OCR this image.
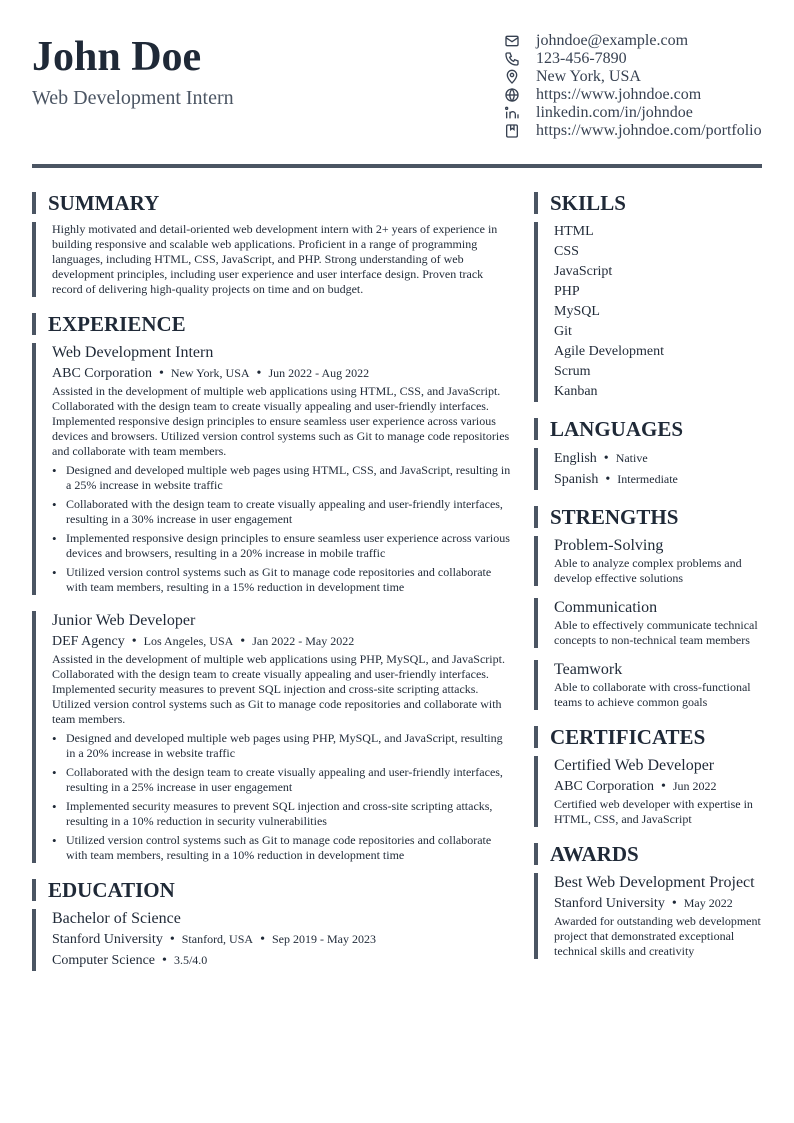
John Doe
Web Development Intern
johndoe@example.com
123-456-7890
New York, USA
https://www.johndoe.com
linkedin.com/in/johndoe
https://www.johndoe.com/portfolio
SUMMARY
Highly motivated and detail-oriented web development intern with 2+ years of experience in building responsive and scalable web applications. Proficient in a range of programming languages, including HTML, CSS, JavaScript, and PHP. Strong understanding of web development principles, including user experience and user interface design. Proven track record of delivering high-quality projects on time and on budget.
EXPERIENCE
Web Development Intern
ABC Corporation • New York, USA • Jun 2022 - Aug 2022
Assisted in the development of multiple web applications using HTML, CSS, and JavaScript. Collaborated with the design team to create visually appealing and user-friendly interfaces. Implemented responsive design principles to ensure seamless user experience across various devices and browsers. Utilized version control systems such as Git to manage code repositories and collaborate with team members.
• Designed and developed multiple web pages using HTML, CSS, and JavaScript, resulting in a 25% increase in website traffic
• Collaborated with the design team to create visually appealing and user-friendly interfaces, resulting in a 30% increase in user engagement
• Implemented responsive design principles to ensure seamless user experience across various devices and browsers, resulting in a 20% increase in mobile traffic
• Utilized version control systems such as Git to manage code repositories and collaborate with team members, resulting in a 15% reduction in development time
Junior Web Developer
DEF Agency • Los Angeles, USA • Jan 2022 - May 2022
Assisted in the development of multiple web applications using PHP, MySQL, and JavaScript. Collaborated with the design team to create visually appealing and user-friendly interfaces. Implemented security measures to prevent SQL injection and cross-site scripting attacks. Utilized version control systems such as Git to manage code repositories and collaborate with team members.
• Designed and developed multiple web pages using PHP, MySQL, and JavaScript, resulting in a 20% increase in website traffic
• Collaborated with the design team to create visually appealing and user-friendly interfaces, resulting in a 25% increase in user engagement
• Implemented security measures to prevent SQL injection and cross-site scripting attacks, resulting in a 10% reduction in security vulnerabilities
• Utilized version control systems such as Git to manage code repositories and collaborate with team members, resulting in a 10% reduction in development time
EDUCATION
Bachelor of Science
Stanford University • Stanford, USA • Sep 2019 - May 2023
Computer Science • 3.5/4.0
SKILLS
HTML
CSS
JavaScript
PHP
MySQL
Git
Agile Development
Scrum
Kanban
LANGUAGES
English • Native
Spanish • Intermediate
STRENGTHS
Problem-Solving
Able to analyze complex problems and develop effective solutions
Communication
Able to effectively communicate technical concepts to non-technical team members
Teamwork
Able to collaborate with cross-functional teams to achieve common goals
CERTIFICATES
Certified Web Developer
ABC Corporation • Jun 2022
Certified web developer with expertise in HTML, CSS, and JavaScript
AWARDS
Best Web Development Project
Stanford University • May 2022
Awarded for outstanding web development project that demonstrated exceptional technical skills and creativity
